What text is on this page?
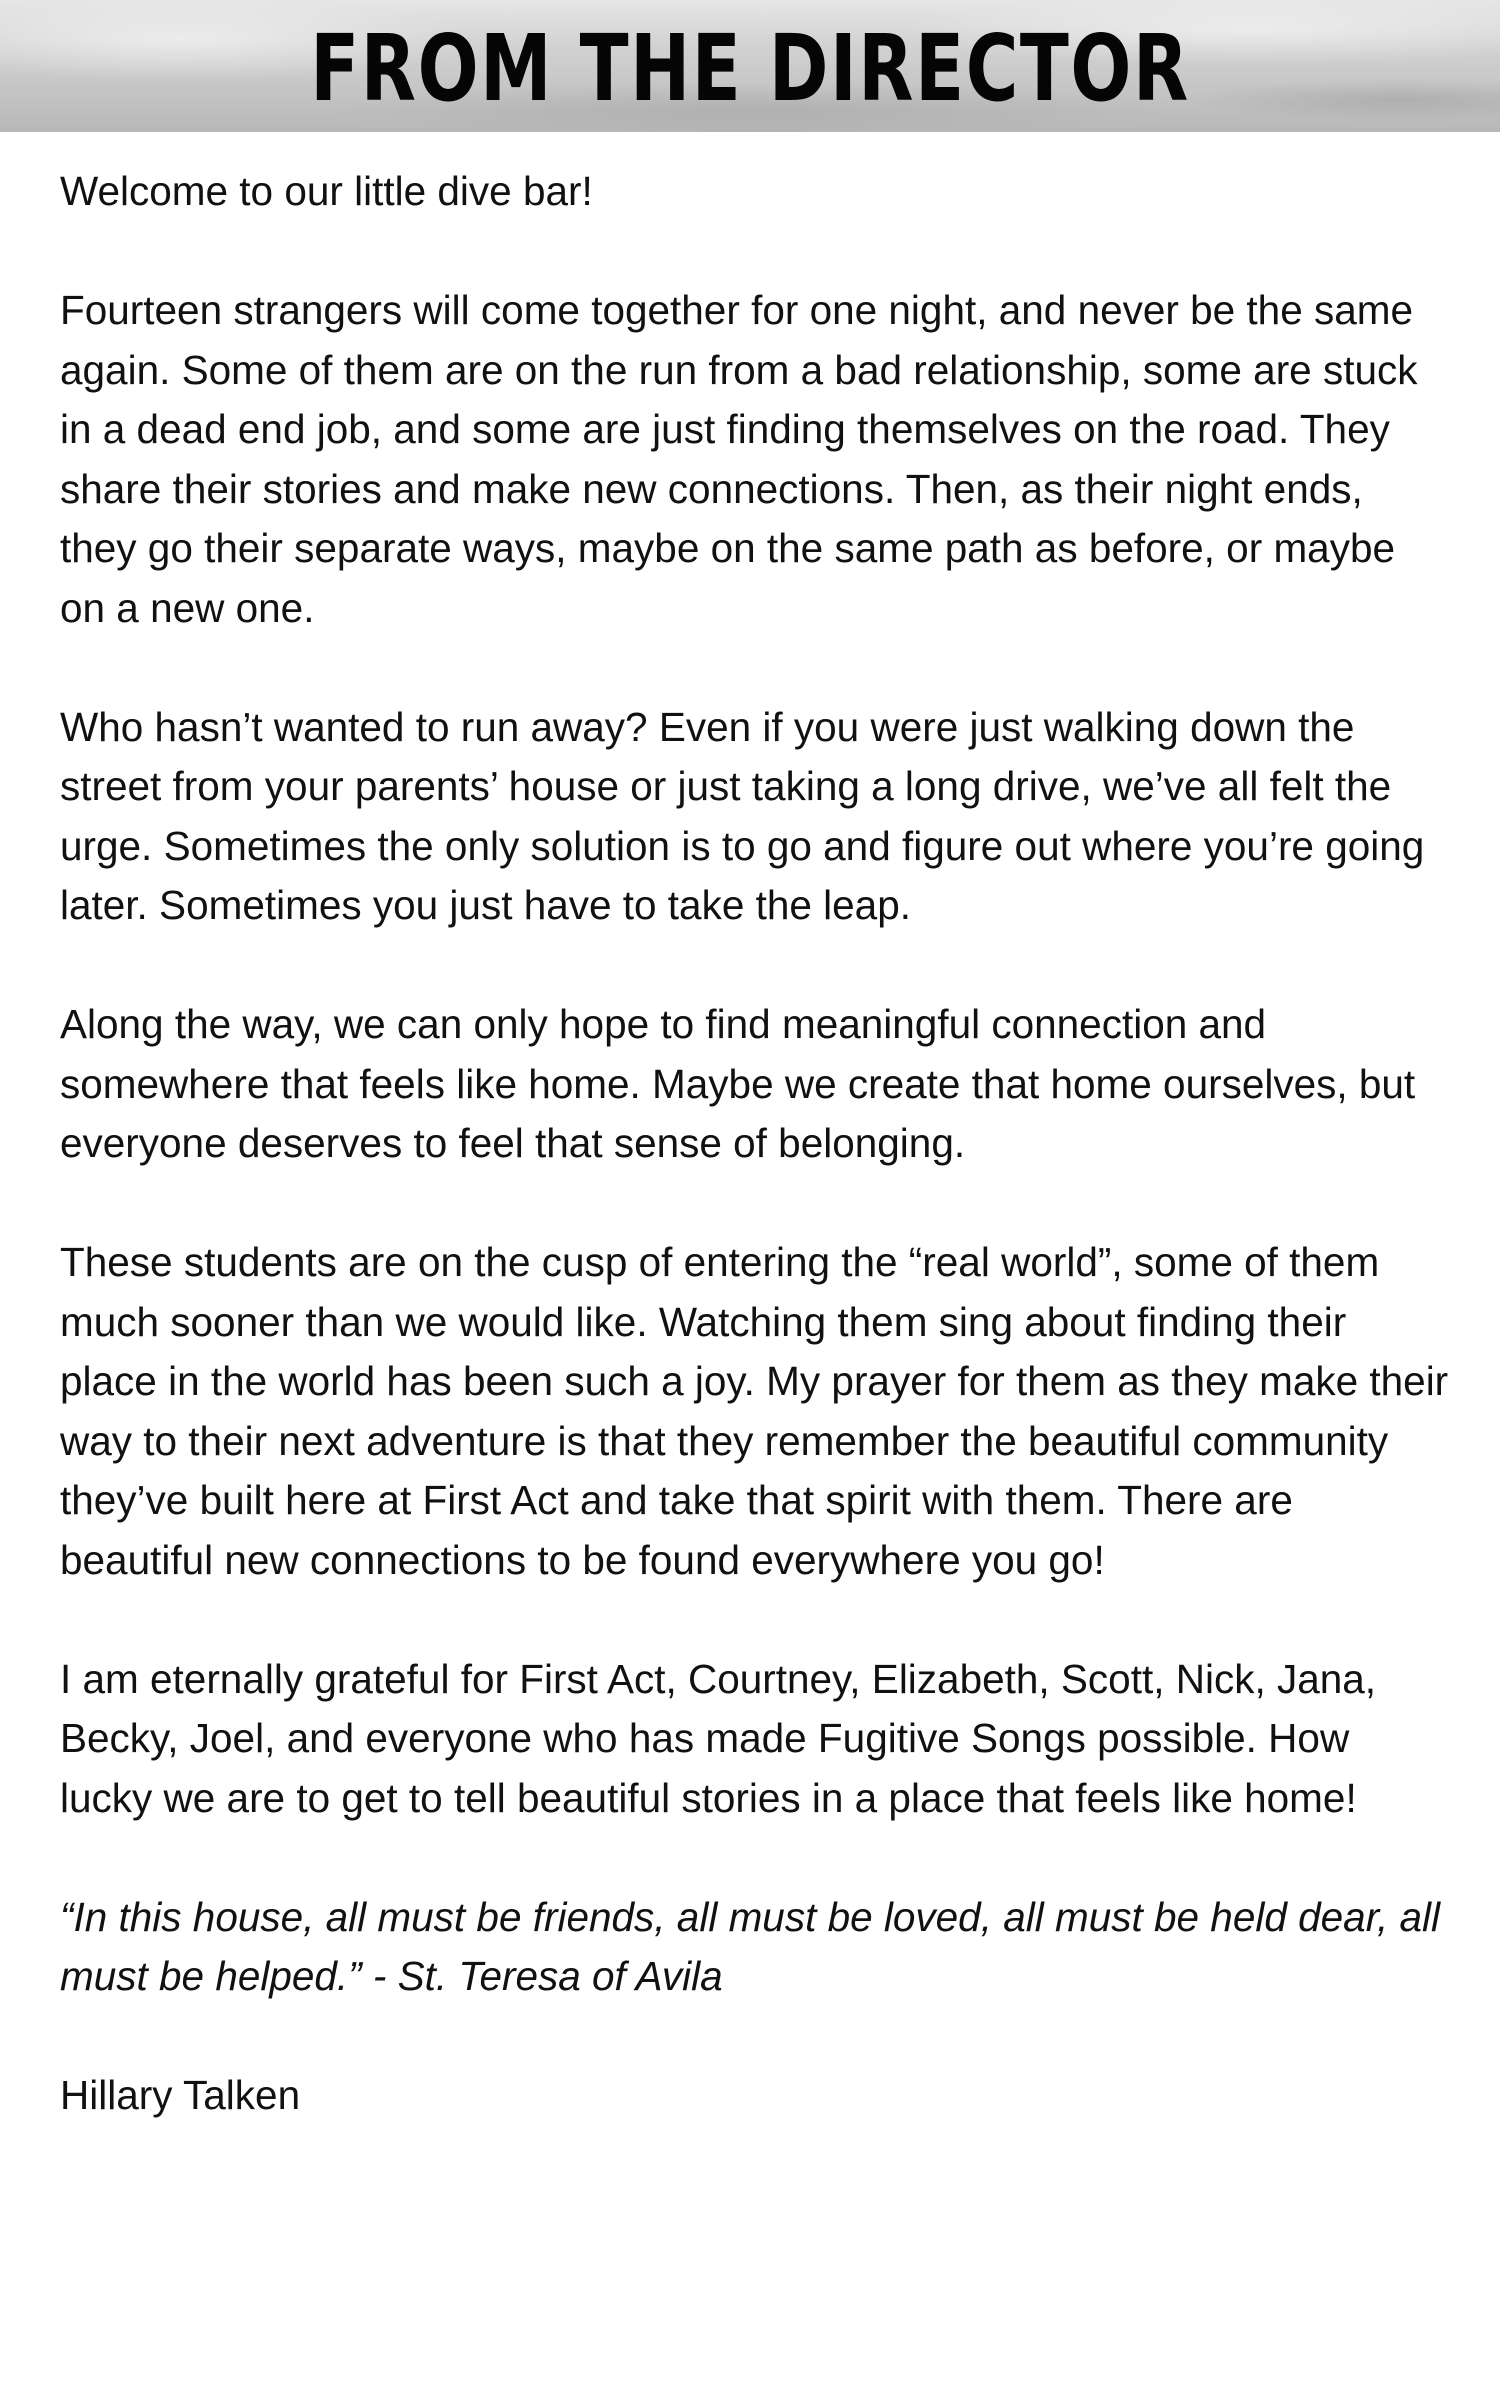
FROM THE DIRECTOR

Welcome to our little dive bar!

Fourteen strangers will come together for one night, and never be the same again. Some of them are on the run from a bad relationship, some are stuck in a dead end job, and some are just finding themselves on the road. They share their stories and make new connections. Then, as their night ends, they go their separate ways, maybe on the same path as before, or maybe on a new one.

Who hasn’t wanted to run away? Even if you were just walking down the street from your parents’ house or just taking a long drive, we’ve all felt the urge. Sometimes the only solution is to go and figure out where you’re going later. Sometimes you just have to take the leap.

Along the way, we can only hope to find meaningful connection and somewhere that feels like home. Maybe we create that home ourselves, but everyone deserves to feel that sense of belonging.

These students are on the cusp of entering the “real world”, some of them much sooner than we would like. Watching them sing about finding their place in the world has been such a joy. My prayer for them as they make their way to their next adventure is that they remember the beautiful community they’ve built here at First Act and take that spirit with them. There are beautiful new connections to be found everywhere you go!

I am eternally grateful for First Act, Courtney, Elizabeth, Scott, Nick, Jana, Becky, Joel, and everyone who has made Fugitive Songs possible. How lucky we are to get to tell beautiful stories in a place that feels like home!

“In this house, all must be friends, all must be loved, all must be held dear, all must be helped.” - St. Teresa of Avila

Hillary Talken
